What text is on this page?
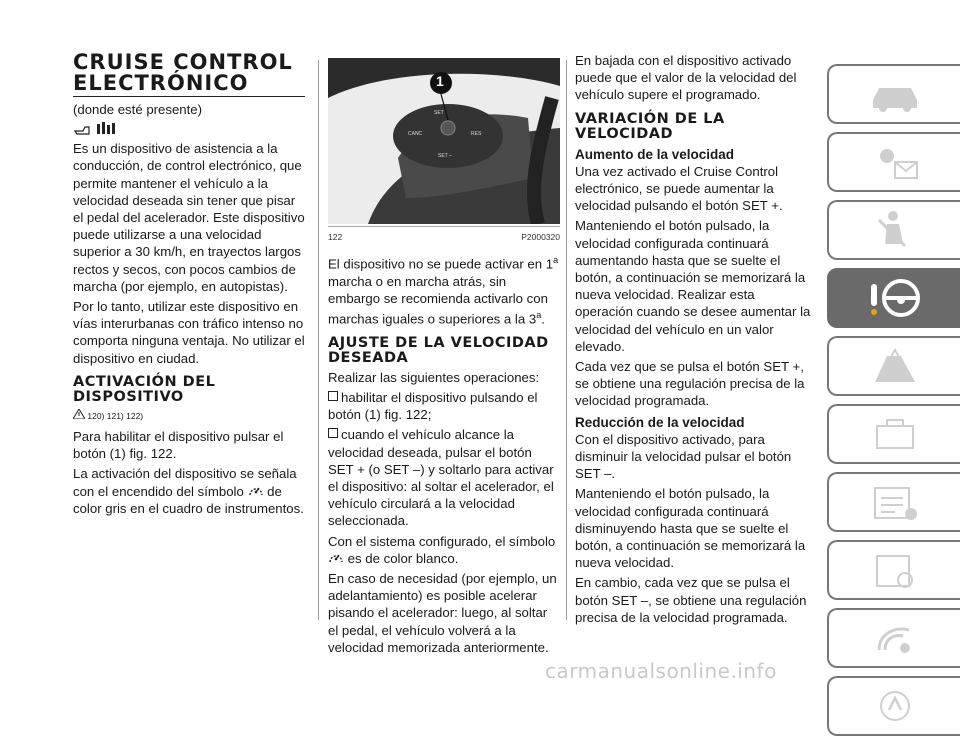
CRUISE CONTROL
ELECTRÓNICO

(donde esté presente)

Es un dispositivo de asistencia a la conducción, de control electrónico, que permite mantener el vehículo a la velocidad deseada sin tener que pisar el pedal del acelerador. Este dispositivo puede utilizarse a una velocidad superior a 30 km/h, en trayectos largos rectos y secos, con pocos cambios de marcha (por ejemplo, en autopistas).

Por lo tanto, utilizar este dispositivo en vías interurbanas con tráfico intenso no comporta ninguna ventaja. No utilizar el dispositivo en ciudad.

ACTIVACIÓN DEL DISPOSITIVO
120) 121) 122)

Para habilitar el dispositivo pulsar el botón (1) fig. 122.

La activación del dispositivo se señala con el encendido del símbolo de color gris en el cuadro de instrumentos.

1
SET
CANC	RES
SET –
122	P2000320

El dispositivo no se puede activar en 1$^a$ marcha o en marcha atrás, sin embargo se recomienda activarlo con marchas iguales o superiores a la 3$^a$.

AJUSTE DE LA VELOCIDAD DESEADA

Realizar las siguientes operaciones:

habilitar el dispositivo pulsando el botón (1) fig. 122;

cuando el vehículo alcance la velocidad deseada, pulsar el botón SET + (o SET –) y soltarlo para activar el dispositivo: al soltar el acelerador, el vehículo circulará a la velocidad seleccionada.

Con el sistema configurado, el símbolo
es de color blanco.

En caso de necesidad (por ejemplo, un adelantamiento) es posible acelerar pisando el acelerador: luego, al soltar el pedal, el vehículo volverá a la velocidad memorizada anteriormente.

En bajada con el dispositivo activado puede que el valor de la velocidad del vehículo supere el programado.

VARIACIÓN DE LA VELOCIDAD
Aumento de la velocidad

Una vez activado el Cruise Control electrónico, se puede aumentar la velocidad pulsando el botón SET +.

Manteniendo el botón pulsado, la velocidad configurada continuará aumentando hasta que se suelte el botón, a continuación se memorizará la nueva velocidad. Realizar esta operación cuando se desee aumentar la velocidad del vehículo en un valor elevado.

Cada vez que se pulsa el botón SET +, se obtiene una regulación precisa de la velocidad programada.

Reducción de la velocidad

Con el dispositivo activado, para disminuir la velocidad pulsar el botón SET –.

Manteniendo el botón pulsado, la velocidad configurada continuará disminuyendo hasta que se suelte el botón, a continuación se memorizará la nueva velocidad.

En cambio, cada vez que se pulsa el botón SET –, se obtiene una regulación precisa de la velocidad programada.

carmanualsonline.info
